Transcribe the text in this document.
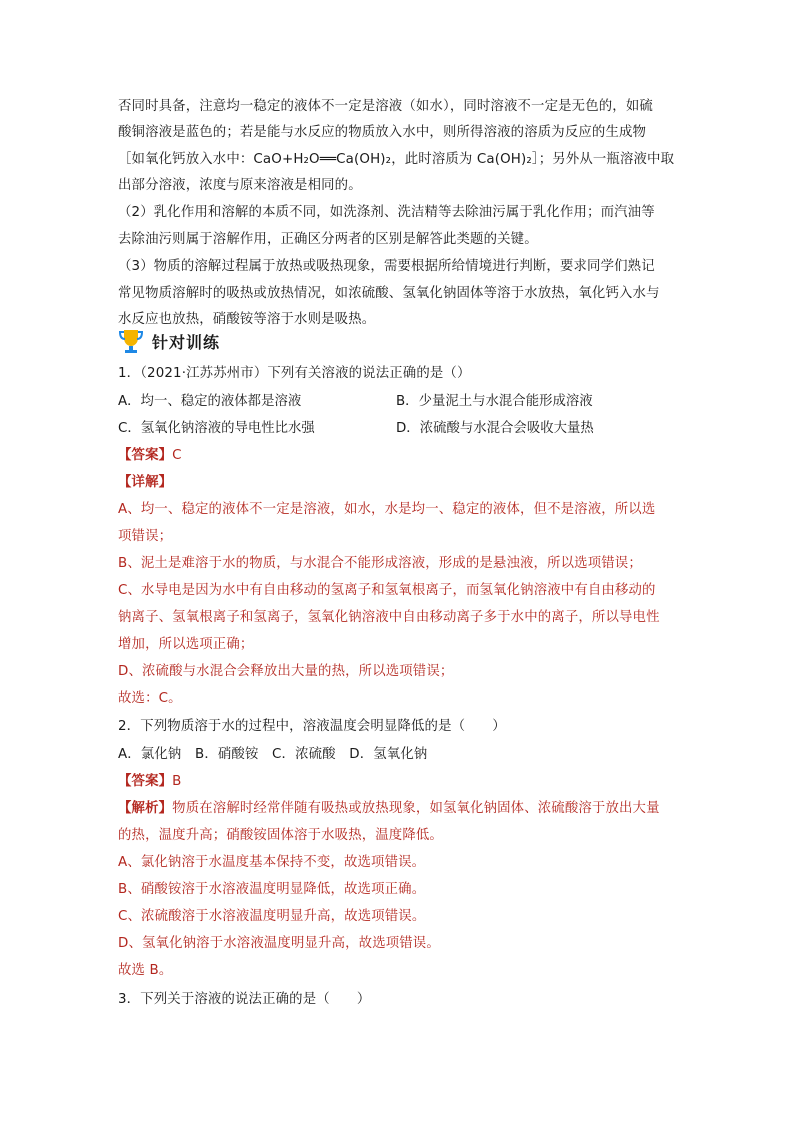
否同时具备，注意均一稳定的液体不一定是溶液（如水），同时溶液不一定是无色的，如硫
酸铜溶液是蓝色的；若是能与水反应的物质放入水中，则所得溶液的溶质为反应的生成物
［如氧化钙放入水中：CaO+H₂O══Ca(OH)₂，此时溶质为 Ca(OH)₂］；另外从一瓶溶液中取
出部分溶液，浓度与原来溶液是相同的。
（2）乳化作用和溶解的本质不同，如洗涤剂、洗洁精等去除油污属于乳化作用；而汽油等
去除油污则属于溶解作用，正确区分两者的区别是解答此类题的关键。
（3）物质的溶解过程属于放热或吸热现象，需要根据所给情境进行判断，要求同学们熟记
常见物质溶解时的吸热或放热情况，如浓硫酸、氢氧化钠固体等溶于水放热，氧化钙入水与
水反应也放热，硝酸铵等溶于水则是吸热。
针对训练
1．（2021·江苏苏州市）下列有关溶液的说法正确的是（）
A．均一、稳定的液体都是溶液	B．少量泥土与水混合能形成溶液
C．氢氧化钠溶液的导电性比水强	D．浓硫酸与水混合会吸收大量热
【答案】C
【详解】
A、均一、稳定的液体不一定是溶液，如水，水是均一、稳定的液体，但不是溶液，所以选
项错误；
B、泥土是难溶于水的物质，与水混合不能形成溶液，形成的是悬浊液，所以选项错误；
C、水导电是因为水中有自由移动的氢离子和氢氧根离子，而氢氧化钠溶液中有自由移动的
钠离子、氢氧根离子和氢离子，氢氧化钠溶液中自由移动离子多于水中的离子，所以导电性
增加，所以选项正确；
D、浓硫酸与水混合会释放出大量的热，所以选项错误；
故选：C。
2．下列物质溶于水的过程中，溶液温度会明显降低的是（　　）
A．氯化钠　B．硝酸铵　C．浓硫酸　D．氢氧化钠
【答案】B
【解析】物质在溶解时经常伴随有吸热或放热现象，如氢氧化钠固体、浓硫酸溶于放出大量
的热，温度升高；硝酸铵固体溶于水吸热，温度降低。
A、氯化钠溶于水温度基本保持不变，故选项错误。
B、硝酸铵溶于水溶液温度明显降低，故选项正确。
C、浓硫酸溶于水溶液温度明显升高，故选项错误。
D、氢氧化钠溶于水溶液温度明显升高，故选项错误。
故选 B。
3．下列关于溶液的说法正确的是（　　）
